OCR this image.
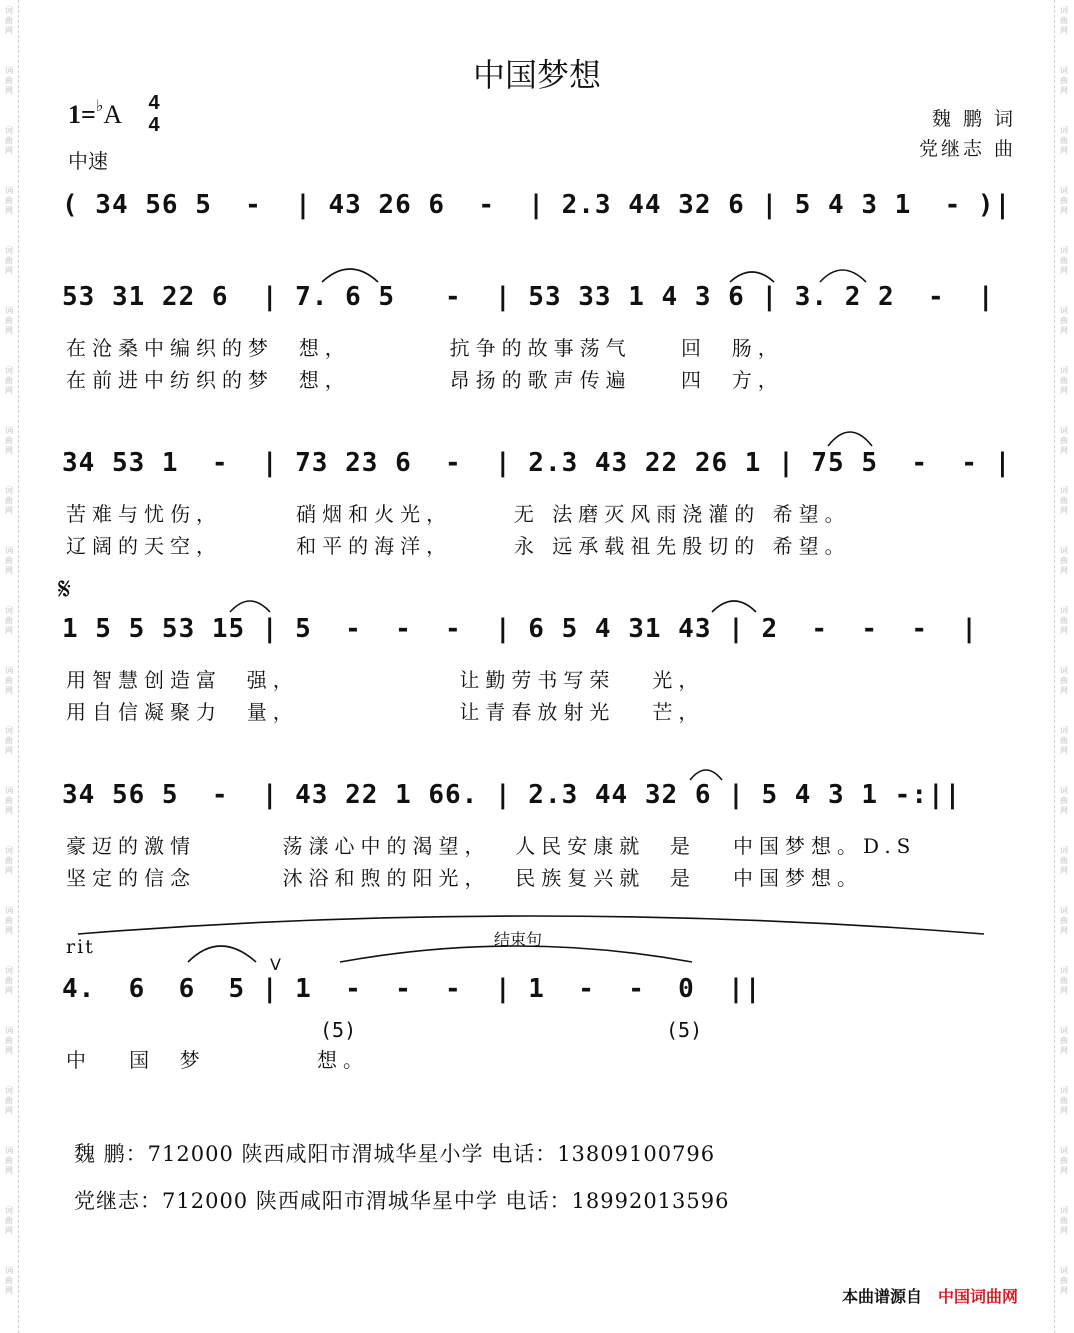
词
曲
网
词
曲
网
词
曲
网
词
曲
网
词
曲
网
词
曲
网
词
曲
网
词
曲
网
词
曲
网
词
曲
网
词
曲
网
词
曲
网
词
曲
网
词
曲
网
词
曲
网
词
曲
网
词
曲
网
词
曲
网
词
曲
网
词
曲
网
词
曲
网
词
曲
网
词
曲
网
词
曲
网
词
曲
网
词
曲
网
词
曲
网
词
曲
网
词
曲
网
词
曲
网
词
曲
网
词
曲
网
词
曲
网
词
曲
网
词
曲
网
词
曲
网
词
曲
网
词
曲
网
词
曲
网
词
曲
网
词
曲
网
词
曲
网
词
曲
网
词
曲
网
中国梦想
1=♭A 4
4
中速
魏 鹏 词
党继志 曲
( 34 56 5  -  | 43 26 6  -  | 2.3 44 32 6 | 5 4 3 1  - )|
53 31 22 6  | 7. 6 5   -  | 53 33 1 4 3 6 | 3. 2 2  -  |
在沧桑中编织的梦  想，        抗争的故事荡气    回  肠，
在前进中纺织的梦  想，        昂扬的歌声传遍    四  方，
34 53 1  -  | 73 23 6  -  | 2.3 43 22 26 1 | 75 5  -  - |
苦难与忧伤，      硝烟和火光，     无 法磨灭风雨浇灌的 希望。
辽阔的天空，      和平的海洋，     永 远承载祖先殷切的 希望。
𝄋
1 5 5 53 15 | 5  -  -  -  | 6 5 4 31 43 | 2  -  -  -  |
用智慧创造富  强，             让勤劳书写荣   光，
用自信凝聚力  量，             让青春放射光   芒，
34 56 5  -  | 43 22 1 66. | 2.3 44 32 6 | 5 4 3 1 -:||
豪迈的激情       荡漾心中的渴望，  人民安康就  是   中国梦想。D.S
坚定的信念       沐浴和煦的阳光，  民族复兴就  是   中国梦想。
rit	结束句
V
4.  6  6  5 | 1  -  -  -  | 1  -  -  0  ||
(5)	(5)
中   国  梦         想。
魏 鹏：712000 陕西咸阳市渭城华星小学 电话：13809100796
党继志：712000 陕西咸阳市渭城华星中学 电话：18992013596
本曲谱源自 中国词曲网
